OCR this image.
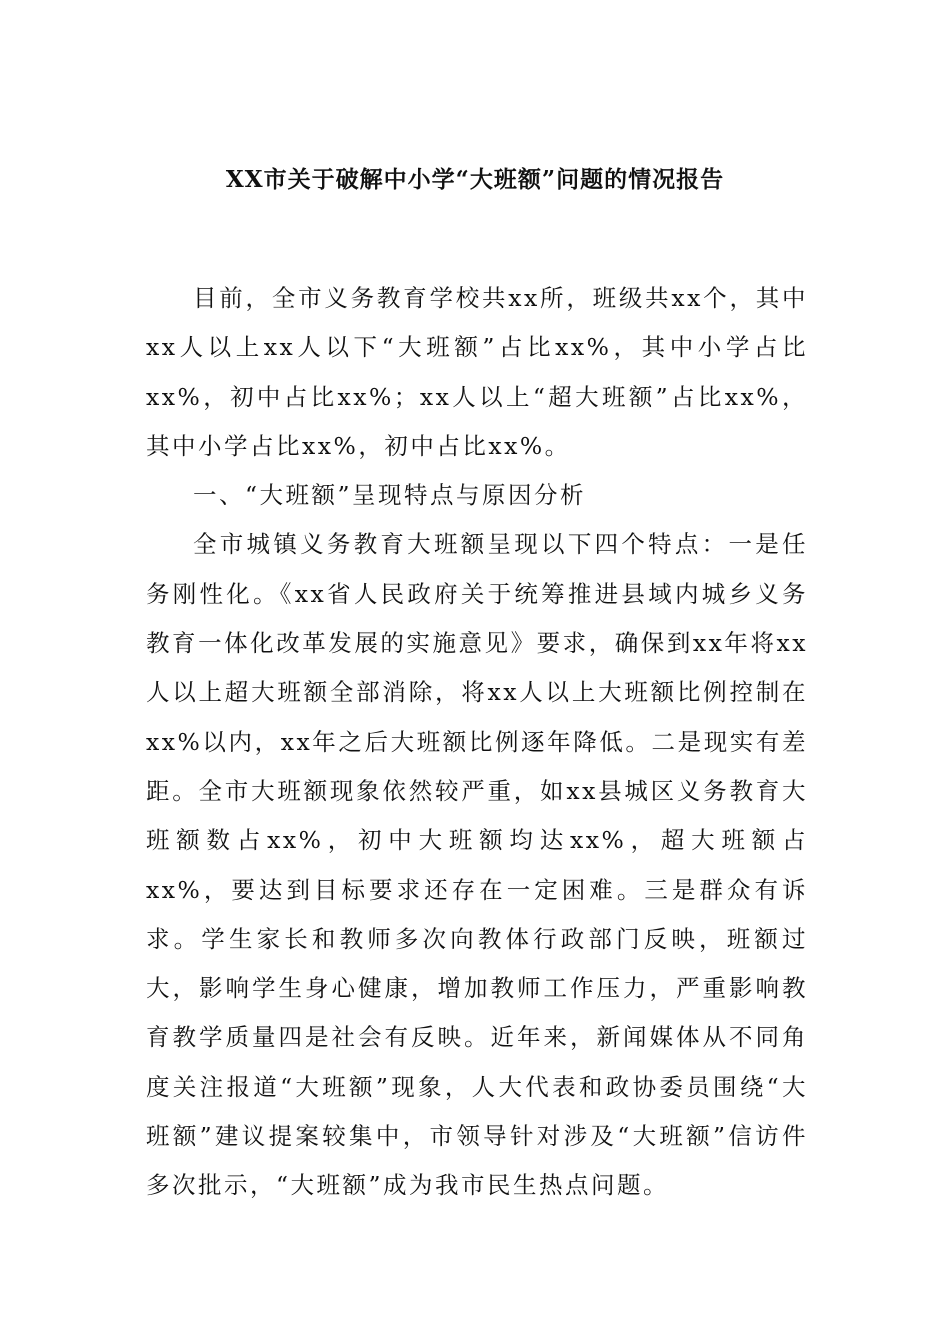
XX市关于破解中小学“大班额”问题的情况报告

目前，全市义务教育学校共xx所，班级共xx个，其中xx人以上xx人以下“大班额”占比xx%，其中小学占比xx%，初中占比xx%；xx人以上“超大班额”占比xx%，其中小学占比xx%，初中占比xx%。

一、“大班额”呈现特点与原因分析

全市城镇义务教育大班额呈现以下四个特点：一是任务刚性化。《xx省人民政府关于统筹推进县域内城乡义务教育一体化改革发展的实施意见》要求，确保到xx年将xx人以上超大班额全部消除，将xx人以上大班额比例控制在xx%以内，xx年之后大班额比例逐年降低。二是现实有差距。全市大班额现象依然较严重，如xx县城区义务教育大班额数占xx%，初中大班额均达xx%，超大班额占xx%，要达到目标要求还存在一定困难。三是群众有诉求。学生家长和教师多次向教体行政部门反映，班额过大，影响学生身心健康，增加教师工作压力，严重影响教育教学质量四是社会有反映。近年来，新闻媒体从不同角度关注报道“大班额”现象，人大代表和政协委员围绕“大班额”建议提案较集中，市领导针对涉及“大班额”信访件多次批示，“大班额”成为我市民生热点问题。
